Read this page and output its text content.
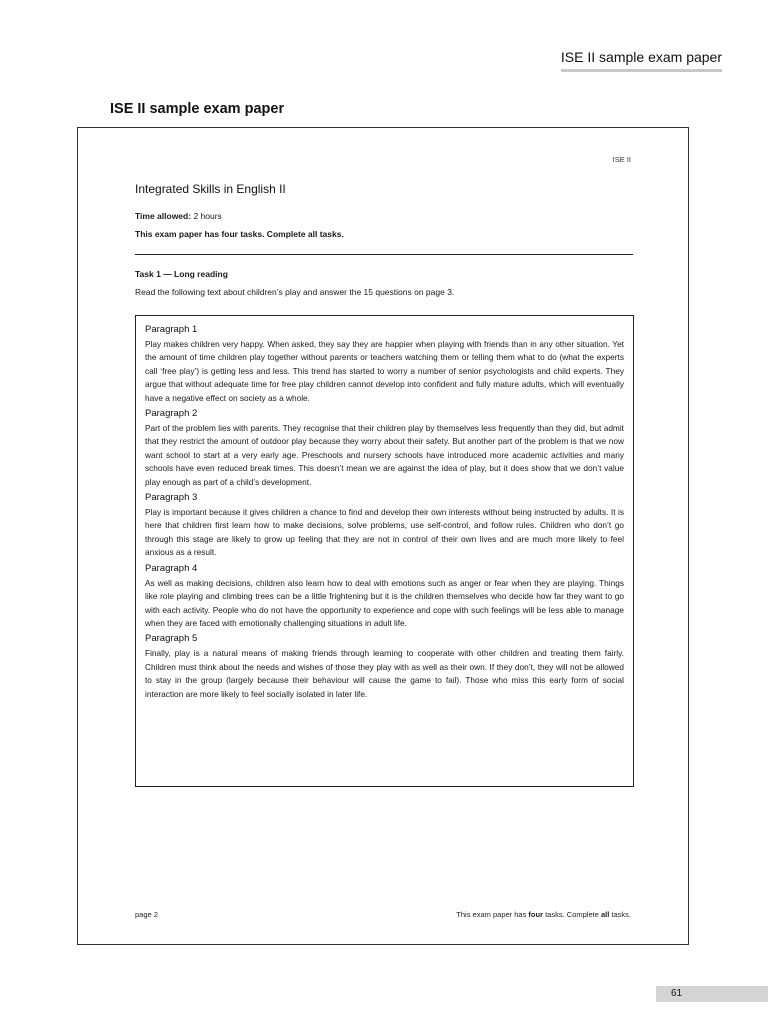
ISE II sample exam paper
ISE II sample exam paper
ISE II
Integrated Skills in English II
Time allowed: 2 hours
This exam paper has four tasks. Complete all tasks.
Task 1 — Long reading
Read the following text about children’s play and answer the 15 questions on page 3.
Paragraph 1
Play makes children very happy. When asked, they say they are happier when playing with friends than in any other situation. Yet the amount of time children play together without parents or teachers watching them or telling them what to do (what the experts call ‘free play’) is getting less and less. This trend has started to worry a number of senior psychologists and child experts. They argue that without adequate time for free play children cannot develop into confident and fully mature adults, which will eventually have a negative effect on society as a whole.
Paragraph 2
Part of the problem lies with parents. They recognise that their children play by themselves less frequently than they did, but admit that they restrict the amount of outdoor play because they worry about their safety. But another part of the problem is that we now want school to start at a very early age. Preschools and nursery schools have introduced more academic activities and many schools have even reduced break times. This doesn’t mean we are against the idea of play, but it does show that we don’t value play enough as part of a child’s development.
Paragraph 3
Play is important because it gives children a chance to find and develop their own interests without being instructed by adults. It is here that children first learn how to make decisions, solve problems, use self-control, and follow rules. Children who don’t go through this stage are likely to grow up feeling that they are not in control of their own lives and are much more likely to feel anxious as a result.
Paragraph 4
As well as making decisions, children also learn how to deal with emotions such as anger or fear when they are playing. Things like role playing and climbing trees can be a little frightening but it is the children themselves who decide how far they want to go with each activity. People who do not have the opportunity to experience and cope with such feelings will be less able to manage when they are faced with emotionally challenging situations in adult life.
Paragraph 5
Finally, play is a natural means of making friends through learning to cooperate with other children and treating them fairly. Children must think about the needs and wishes of those they play with as well as their own. If they don’t, they will not be allowed to stay in the group (largely because their behaviour will cause the game to fail). Those who miss this early form of social interaction are more likely to feel socially isolated in later life.
page 2	This exam paper has four tasks. Complete all tasks.
61
